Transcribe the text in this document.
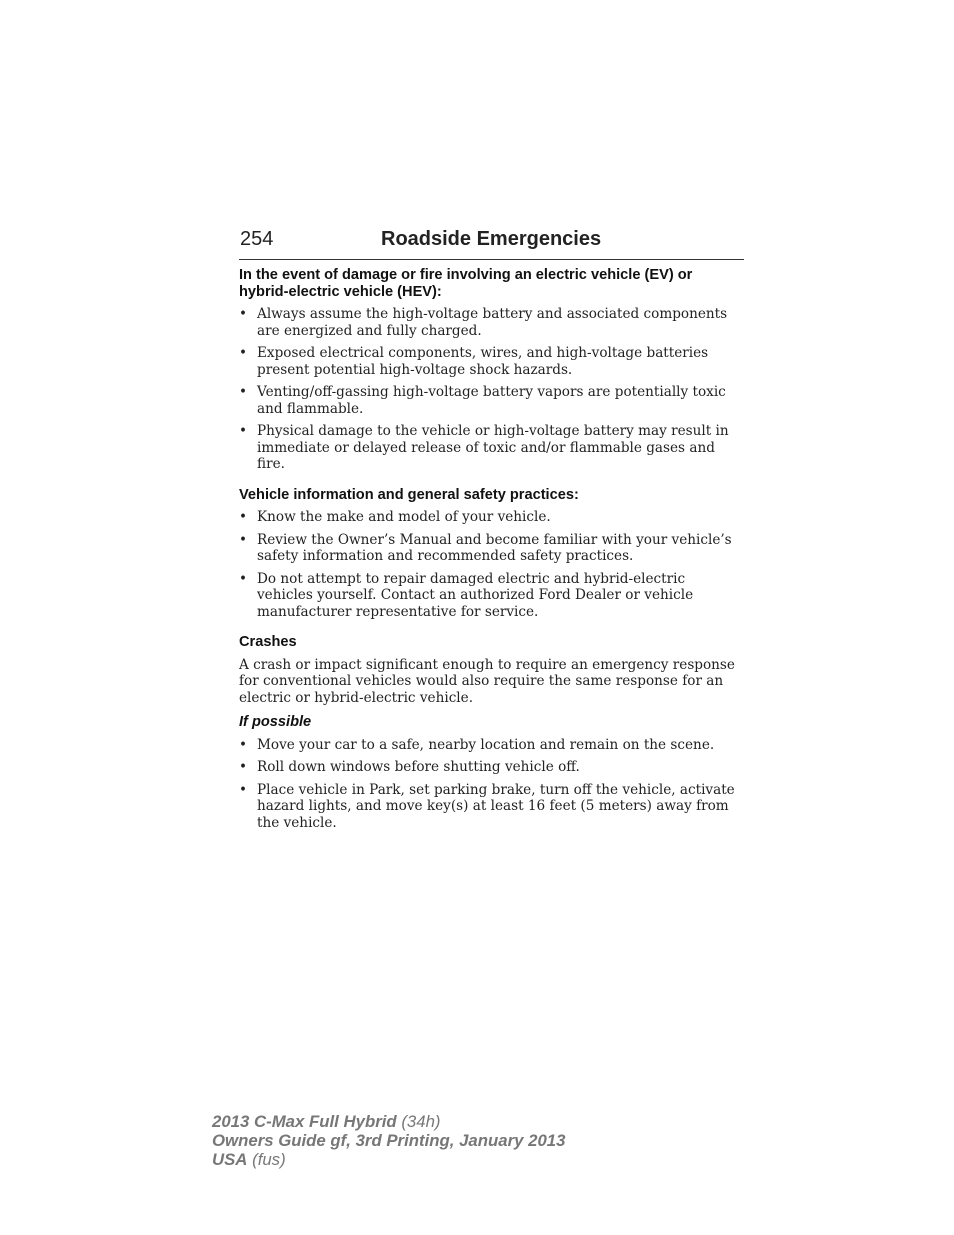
254	Roadside Emergencies

In the event of damage or fire involving an electric vehicle (EV) or hybrid-electric vehicle (HEV):

• Always assume the high-voltage battery and associated components are energized and fully charged.
• Exposed electrical components, wires, and high-voltage batteries present potential high-voltage shock hazards.
• Venting/off-gassing high-voltage battery vapors are potentially toxic and flammable.
• Physical damage to the vehicle or high-voltage battery may result in immediate or delayed release of toxic and/or flammable gases and fire.

Vehicle information and general safety practices:

• Know the make and model of your vehicle.
• Review the Owner’s Manual and become familiar with your vehicle’s safety information and recommended safety practices.
• Do not attempt to repair damaged electric and hybrid-electric vehicles yourself. Contact an authorized Ford Dealer or vehicle manufacturer representative for service.

Crashes

A crash or impact significant enough to require an emergency response for conventional vehicles would also require the same response for an electric or hybrid-electric vehicle.

If possible

• Move your car to a safe, nearby location and remain on the scene.
• Roll down windows before shutting vehicle off.
• Place vehicle in Park, set parking brake, turn off the vehicle, activate hazard lights, and move key(s) at least 16 feet (5 meters) away from the vehicle.
2013 C-Max Full Hybrid (34h)
Owners Guide gf, 3rd Printing, January 2013
USA (fus)
